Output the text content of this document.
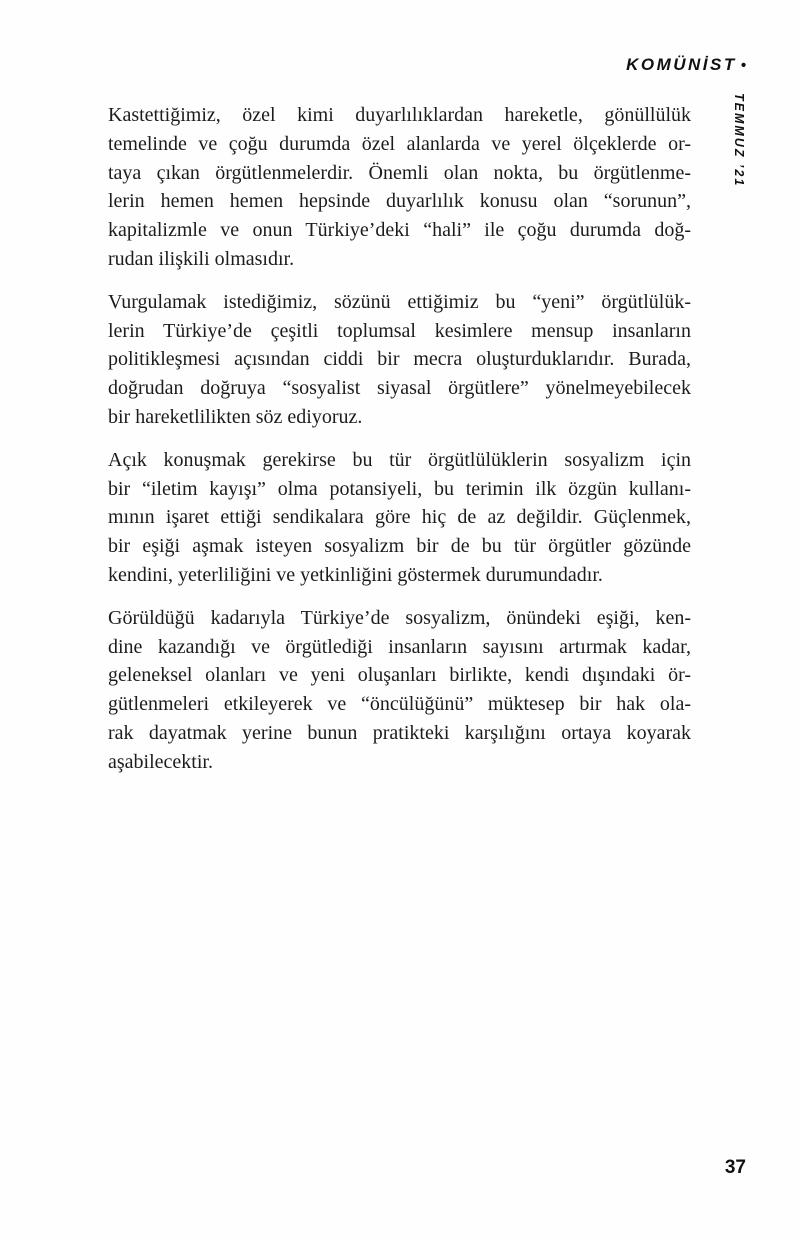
KOMÜNİST •
TEMMUZ ’21
Kastettiğimiz, özel kimi duyarlılıklardan hareketle, gönüllülük
temelinde ve çoğu durumda özel alanlarda ve yerel ölçeklerde or-
taya çıkan örgütlenmelerdir. Önemli olan nokta, bu örgütlenme-
lerin hemen hemen hepsinde duyarlılık konusu olan “sorunun”,
kapitalizmle ve onun Türkiye’deki “hali” ile çoğu durumda doğ-
rudan ilişkili olmasıdır.
Vurgulamak istediğimiz, sözünü ettiğimiz bu “yeni” örgütlülük-
lerin Türkiye’de çeşitli toplumsal kesimlere mensup insanların
politikleşmesi açısından ciddi bir mecra oluşturduklarıdır. Burada,
doğrudan doğruya “sosyalist siyasal örgütlere” yönelmeyebilecek
bir hareketlilikten söz ediyoruz.
Açık konuşmak gerekirse bu tür örgütlülüklerin sosyalizm için
bir “iletim kayışı” olma potansiyeli, bu terimin ilk özgün kullanı-
mının işaret ettiği sendikalara göre hiç de az değildir. Güçlenmek,
bir eşiği aşmak isteyen sosyalizm bir de bu tür örgütler gözünde
kendini, yeterliliğini ve yetkinliğini göstermek durumundadır.
Görüldüğü kadarıyla Türkiye’de sosyalizm, önündeki eşiği, ken-
dine kazandığı ve örgütlediği insanların sayısını artırmak kadar,
geleneksel olanları ve yeni oluşanları birlikte, kendi dışındaki ör-
gütlenmeleri etkileyerek ve “öncülüğünü” müktesep bir hak ola-
rak dayatmak yerine bunun pratikteki karşılığını ortaya koyarak
aşabilecektir.
37
